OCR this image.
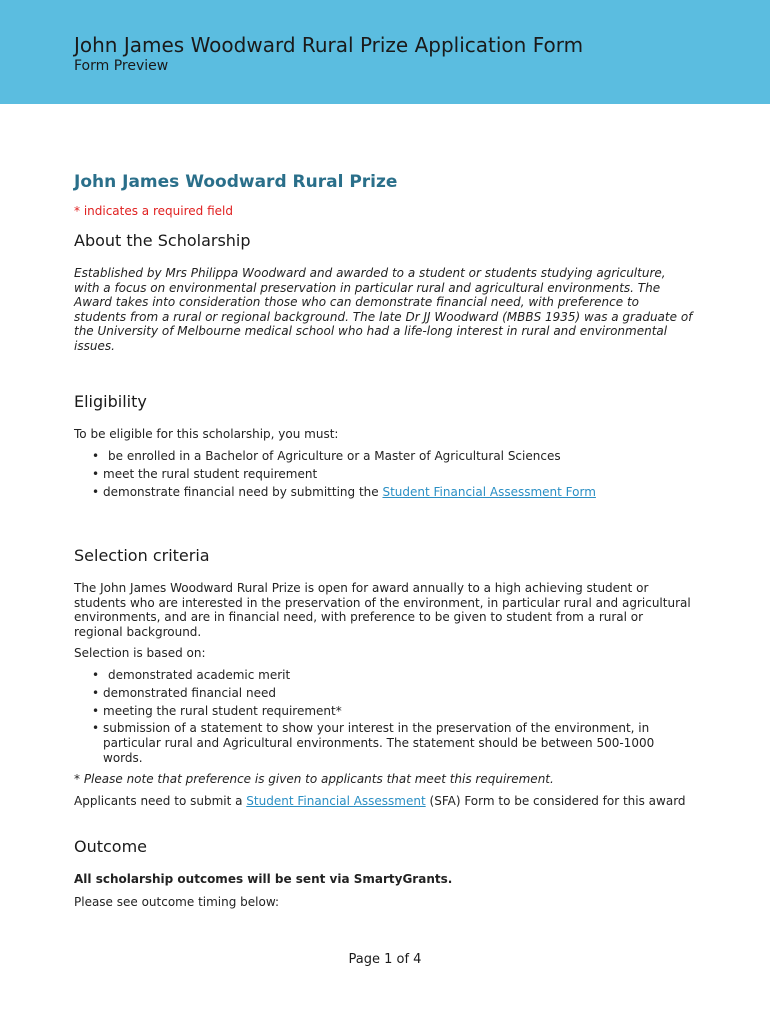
John James Woodward Rural Prize Application Form
Form Preview
John James Woodward Rural Prize
* indicates a required field
About the Scholarship

Established by Mrs Philippa Woodward and awarded to a student or students studying agriculture, with a focus on environmental preservation in particular rural and agricultural environments. The Award takes into consideration those who can demonstrate financial need, with preference to students from a rural or regional background. The late Dr JJ Woodward (MBBS 1935) was a graduate of the University of Melbourne medical school who had a life-long interest in rural and environmental issues.

Eligibility

To be eligible for this scholarship, you must:

• be enrolled in a Bachelor of Agriculture or a Master of Agricultural Sciences
• meet the rural student requirement
• demonstrate financial need by submitting the Student Financial Assessment Form
Selection criteria

The John James Woodward Rural Prize is open for award annually to a high achieving student or students who are interested in the preservation of the environment, in particular rural and agricultural environments, and are in financial need, with preference to be given to student from a rural or regional background.

Selection is based on:

• demonstrated academic merit
• demonstrated financial need
• meeting the rural student requirement*
• submission of a statement to show your interest in the preservation of the environment, in particular rural and Agricultural environments. The statement should be between 500-1000 words.

* Please note that preference is given to applicants that meet this requirement.

Applicants need to submit a Student Financial Assessment (SFA) Form to be considered for this award

Outcome

All scholarship outcomes will be sent via SmartyGrants.

Please see outcome timing below:

Page 1 of 4
